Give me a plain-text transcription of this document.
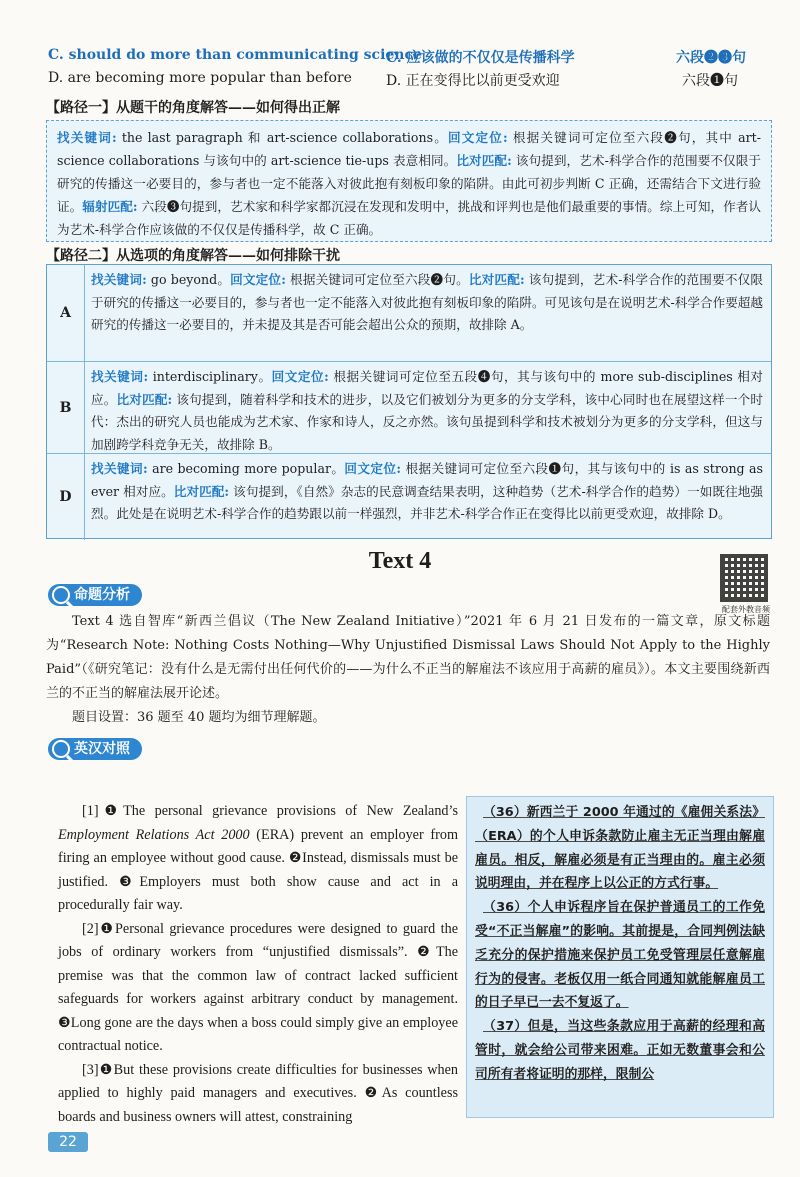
C. should do more than communicating science
C. 应该做的不仅仅是传播科学	六段❷❸句
D. are becoming more popular than before D. 正在变得比以前更受欢迎	六段❶句
【路径一】从题干的角度解答——如何得出正解
找关键词: the last paragraph 和 art-science collaborations。回文定位: 根据关键词可定位至六段❷句，其中 art-science collaborations 与该句中的 art-science tie-ups 表意相同。比对匹配: 该句提到，艺术-科学合作的范围要不仅限于研究的传播这一必要目的，参与者也一定不能落入对彼此抱有刻板印象的陷阱。由此可初步判断 C 正确，还需结合下文进行验证。辐射匹配: 六段❸句提到，艺术家和科学家都沉浸在发现和发明中，挑战和评判也是他们最重要的事情。综上可知，作者认为艺术-科学合作应该做的不仅仅是传播科学，故 C 正确。
【路径二】从选项的角度解答——如何排除干扰
A
找关键词: go beyond。回文定位: 根据关键词可定位至六段❷句。比对匹配: 该句提到，艺术-科学合作的范围要不仅限于研究的传播这一必要目的，参与者也一定不能落入对彼此抱有刻板印象的陷阱。可见该句是在说明艺术-科学合作要超越研究的传播这一必要目的，并未提及其是否可能会超出公众的预期，故排除 A。
B
找关键词: interdisciplinary。回文定位: 根据关键词可定位至五段❹句，其与该句中的 more sub-disciplines 相对应。比对匹配: 该句提到，随着科学和技术的进步，以及它们被划分为更多的分支学科，该中心同时也在展望这样一个时代：杰出的研究人员也能成为艺术家、作家和诗人，反之亦然。该句虽提到科学和技术被划分为更多的分支学科，但这与加剧跨学科竞争无关，故排除 B。
D
找关键词: are becoming more popular。回文定位: 根据关键词可定位至六段❶句，其与该句中的 is as strong as ever 相对应。比对匹配: 该句提到，《自然》杂志的民意调查结果表明，这种趋势（艺术-科学合作的趋势）一如既往地强烈。此处是在说明艺术-科学合作的趋势跟以前一样强烈，并非艺术-科学合作正在变得比以前更受欢迎，故排除 D。
Text 4
配套外教音频
命题分析
Text 4 选自智库“新西兰倡议（The New Zealand Initiative）”2021 年 6 月 21 日发布的一篇文章，原文标题为“Research Note: Nothing Costs Nothing—Why Unjustified Dismissal Laws Should Not Apply to the Highly Paid”（《研究笔记：没有什么是无需付出任何代价的——为什么不正当的解雇法不该应用于高薪的雇员》）。本文主要围绕新西兰的不正当的解雇法展开论述。
题目设置：36 题至 40 题均为细节理解题。
英汉对照

[1]❶The personal grievance provisions of New Zealand’s Employment Relations Act 2000 (ERA) prevent an employer from firing an employee without good cause. ❷Instead, dismissals must be justified. ❸Employers must both show cause and act in a procedurally fair way.

[2]❶Personal grievance procedures were designed to guard the jobs of ordinary workers from “unjustified dismissals”. ❷The premise was that the common law of contract lacked sufficient safeguards for workers against arbitrary conduct by management. ❸Long gone are the days when a boss could simply give an employee contractual notice.

[3]❶But these provisions create difficulties for businesses when applied to highly paid managers and executives. ❷As countless boards and business owners will attest, constraining

（36）新西兰于 2000 年通过的《雇佣关系法》（ERA）的个人申诉条款防止雇主无正当理由解雇雇员。相反，解雇必须是有正当理由的。雇主必须说明理由，并在程序上以公正的方式行事。

（36）个人申诉程序旨在保护普通员工的工作免受“不正当解雇”的影响。其前提是，合同判例法缺乏充分的保护措施来保护员工免受管理层任意解雇行为的侵害。老板仅用一纸合同通知就能解雇员工的日子早已一去不复返了。

（37）但是，当这些条款应用于高薪的经理和高管时，就会给公司带来困难。正如无数董事会和公司所有者将证明的那样，限制公

22
